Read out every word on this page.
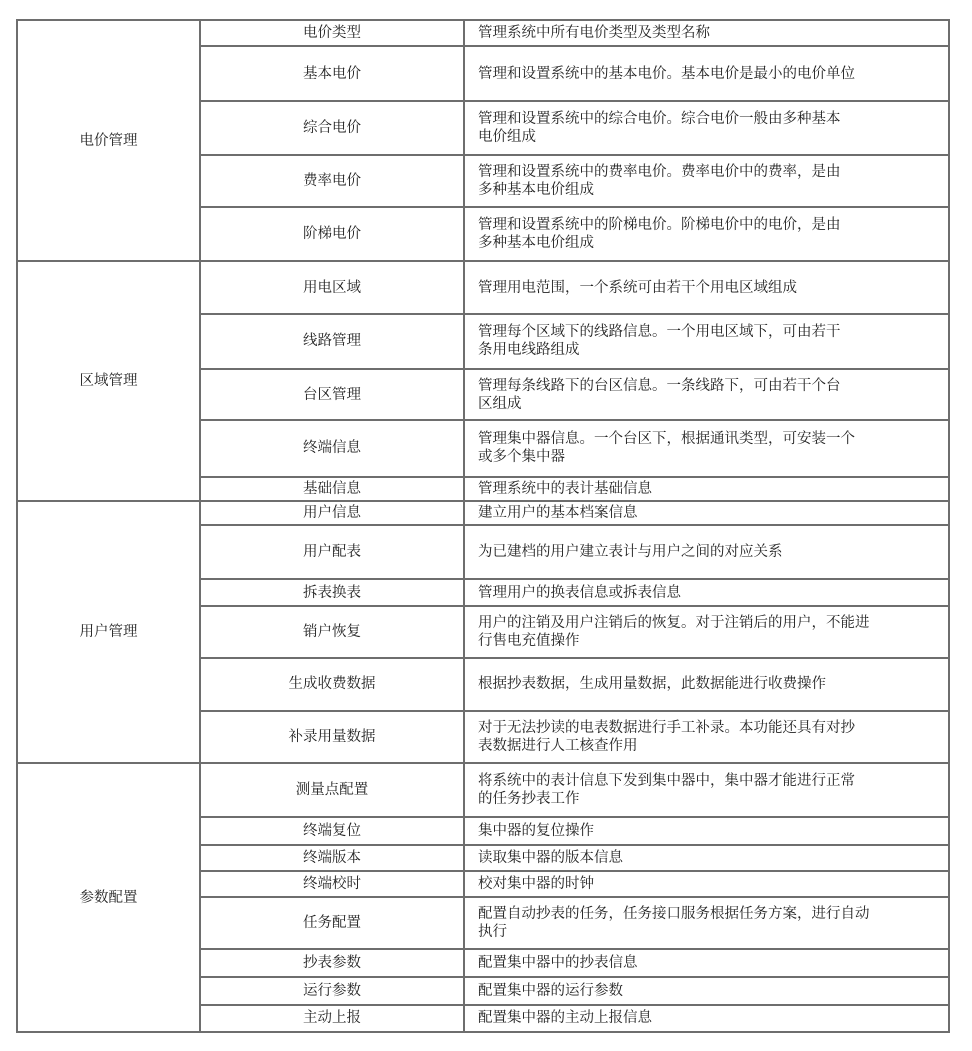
电价管理	电价类型	管理系统中所有电价类型及类型名称

	基本电价	管理和设置系统中的基本电价。基本电价是最小的电价单位

	综合电价	管理和设置系统中的综合电价。综合电价一般由多种基本
电价组成

	费率电价	管理和设置系统中的费率电价。费率电价中的费率，是由
多种基本电价组成

	阶梯电价	管理和设置系统中的阶梯电价。阶梯电价中的电价，是由
多种基本电价组成

区域管理	用电区域	管理用电范围，一个系统可由若干个用电区域组成

	线路管理	管理每个区域下的线路信息。一个用电区域下，可由若干
条用电线路组成

	台区管理	管理每条线路下的台区信息。一条线路下，可由若干个台
区组成

	终端信息	管理集中器信息。一个台区下，根据通讯类型，可安装一个
或多个集中器

	基础信息	管理系统中的表计基础信息

用户管理	用户信息	建立用户的基本档案信息

	用户配表	为已建档的用户建立表计与用户之间的对应关系

	拆表换表	管理用户的换表信息或拆表信息

	销户恢复	用户的注销及用户注销后的恢复。对于注销后的用户，不能进
行售电充值操作

	生成收费数据	根据抄表数据，生成用量数据，此数据能进行收费操作

	补录用量数据	对于无法抄读的电表数据进行手工补录。本功能还具有对抄
表数据进行人工核查作用

参数配置	测量点配置	将系统中的表计信息下发到集中器中，集中器才能进行正常
的任务抄表工作

	终端复位	集中器的复位操作

	终端版本	读取集中器的版本信息

	终端校时	校对集中器的时钟

	任务配置	配置自动抄表的任务，任务接口服务根据任务方案，进行自动
执行

	抄表参数	配置集中器中的抄表信息

	运行参数	配置集中器的运行参数

	主动上报	配置集中器的主动上报信息
